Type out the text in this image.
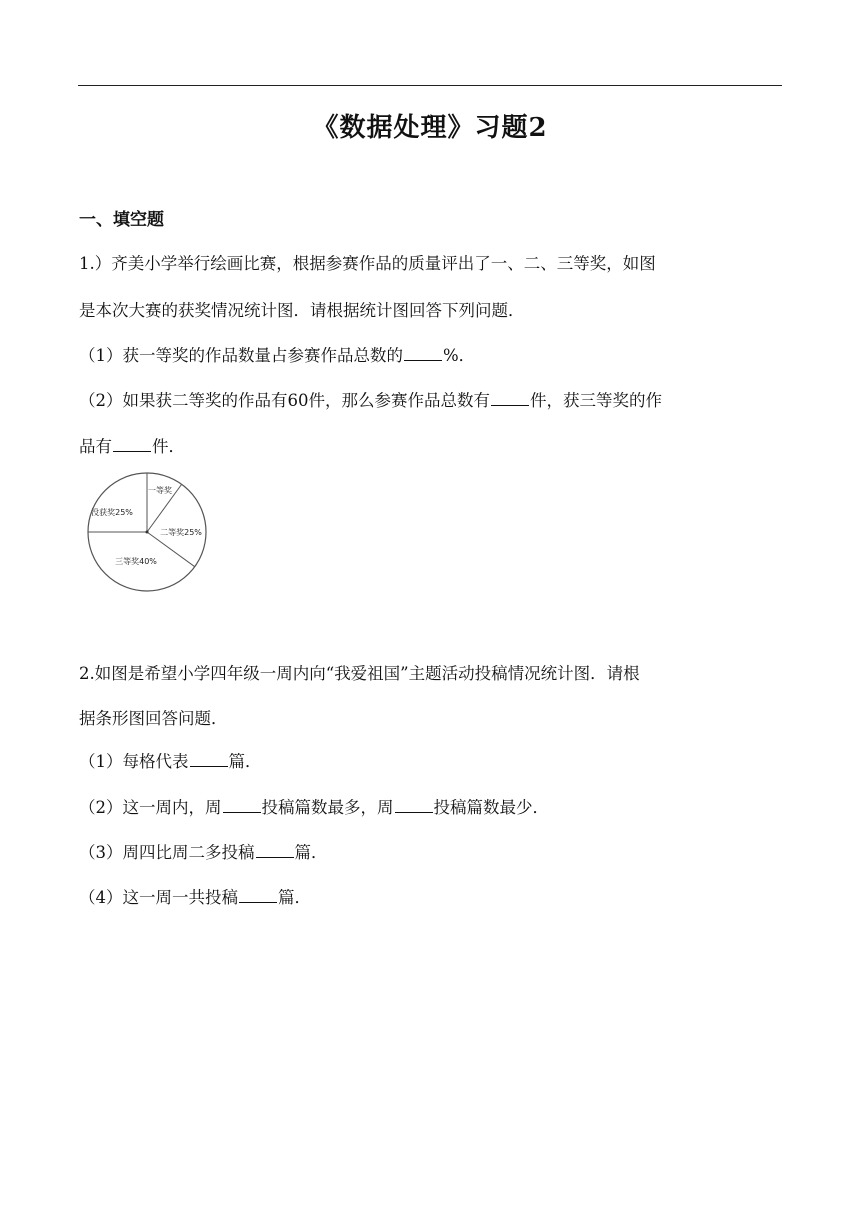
《数据处理》习题2
一、填空题
1.）齐美小学举行绘画比赛，根据参赛作品的质量评出了一、二、三等奖，如图
是本次大赛的获奖情况统计图．请根据统计图回答下列问题．
（1）获一等奖的作品数量占参赛作品总数的 %．
（2）如果获二等奖的作品有60件，那么参赛作品总数有 件，获三等奖的作
品有 件．
一等奖
二等奖25%
三等奖40%
没获奖25%
2.如图是希望小学四年级一周内向“我爱祖国”主题活动投稿情况统计图．请根
据条形图回答问题．
（1）每格代表 篇．
（2）这一周内，周 投稿篇数最多，周 投稿篇数最少．
（3）周四比周二多投稿 篇．
（4）这一周一共投稿 篇．
